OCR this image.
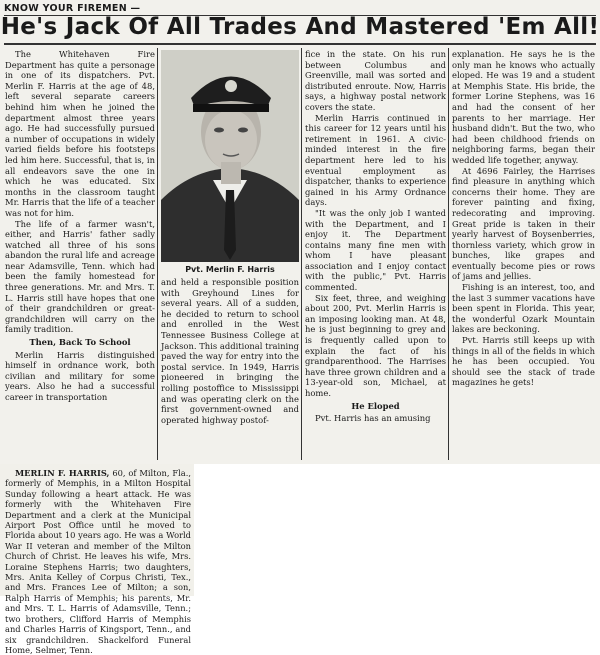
KNOW YOUR FIREMEN —
He's Jack Of All Trades And Mastered 'Em All!

The Whitehaven Fire Department has quite a personage in one of its dispatchers. Pvt. Merlin F. Harris at the age of 48, left several separate careers behind him when he joined the department almost three years ago. He had successfully pursued a number of occupations in widely varied fields before his footsteps led him here. Successful, that is, in all endeavors save the one in which he was educated. Six months in the classroom taught Mr. Harris that the life of a teacher was not for him.

The life of a farmer wasn't, either, and Harris' father sadly watched all three of his sons abandon the rural life and acreage near Adamsville, Tenn. which had been the family homestead for three generations. Mr. and Mrs. T. L. Harris still have hopes that one of their grandchildren or great-grandchildren will carry on the family tradition.

Then, Back To School

Merlin Harris distinguished himself in ordnance work, both civilian and military for some years. Also he had a successful career in transportation

Pvt. Merlin F. Harris

and held a responsible position with Greyhound Lines for several years. All of a sudden, he decided to return to school and enrolled in the West Tennessee Business College at Jackson. This additional training paved the way for entry into the postal service. In 1949, Harris pioneered in bringing the rolling postoffice to Mississippi and was operating clerk on the first government-owned and operated highway postof-

fice in the state. On his run between Columbus and Greenville, mail was sorted and distributed enroute. Now, Harris says, a highway postal network covers the state.

Merlin Harris continued in this career for 12 years until his retirement in 1961. A civic-minded interest in the fire department here led to his eventual employment as dispatcher, thanks to experience gained in his Army Ordnance days.

"It was the only job I wanted with the Department, and I enjoy it. The Department contains many fine men with whom I have pleasant association and I enjoy contact with the public," Pvt. Harris commented.

Six feet, three, and weighing about 200, Pvt. Merlin Harris is an imposing looking man. At 48, he is just beginning to grey and is frequently called upon to explain the fact of his grandparenthood. The Harrises have three grown children and a 13-year-old son, Michael, at home.

He Eloped

Pvt. Harris has an amusing

explanation. He says he is the only man he knows who actually eloped. He was 19 and a student at Memphis State. His bride, the former Lorine Stephens, was 16 and had the consent of her parents to her marriage. Her husband didn't. But the two, who had been childhood friends on neighboring farms, began their wedded life together, anyway.

At 4696 Fairley, the Harrises find pleasure in anything which concerns their home. They are forever painting and fixing, redecorating and improving. Great pride is taken in their yearly harvest of Boysenberries, thornless variety, which grow in bunches, like grapes and eventually become pies or rows of jams and jellies.

Fishing is an interest, too, and the last 3 summer vacations have been spent in Florida. This year, the wonderful Ozark Mountain lakes are beckoning.

Pvt. Harris still keeps up with things in all of the fields in which he has been occupied. You should see the stack of trade magazines he gets!

MERLIN F. HARRIS, 60, of Milton, Fla., formerly of Memphis, in a Milton Hospital Sunday following a heart attack. He was formerly with the Whitehaven Fire Department and a clerk at the Municipal Airport Post Office until he moved to Florida about 10 years ago. He was a World War II veteran and member of the Milton Church of Christ. He leaves his wife, Mrs. Loraine Stephens Harris; two daughters, Mrs. Anita Kelley of Corpus Christi, Tex., and Mrs. Frances Lee of Milton; a son, Ralph Harris of Memphis; his parents, Mr. and Mrs. T. L. Harris of Adamsville, Tenn.; two brothers, Clifford Harris of Memphis and Charles Harris of Kingsport, Tenn., and six grandchildren. Shackelford Funeral Home, Selmer, Tenn.
